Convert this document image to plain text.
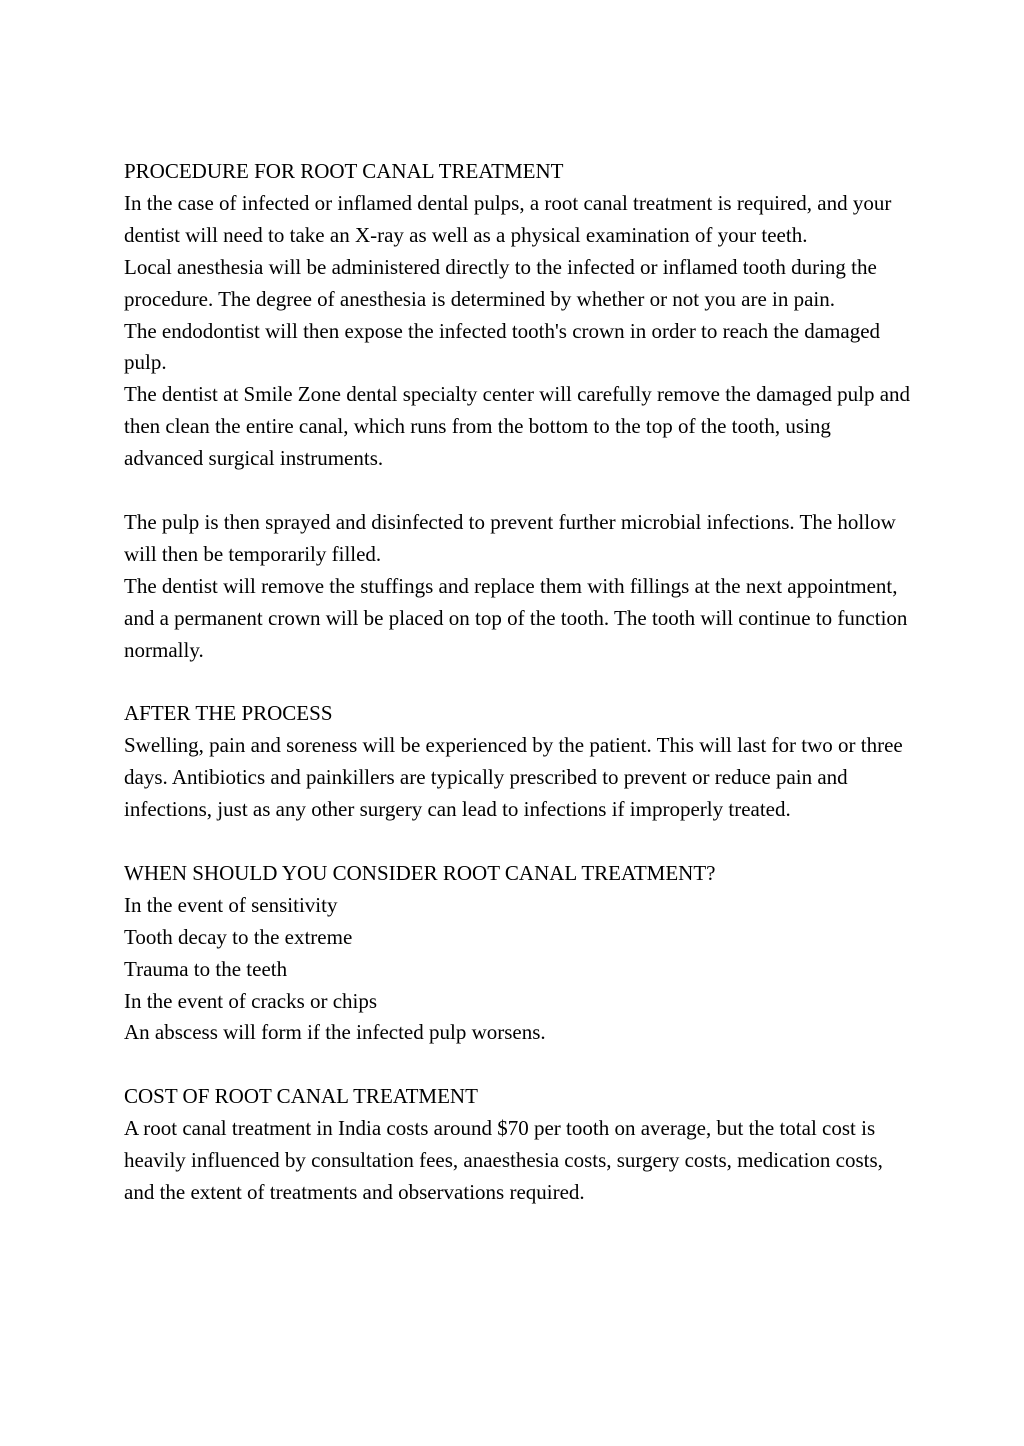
PROCEDURE FOR ROOT CANAL TREATMENT

In the case of infected or inflamed dental pulps, a root canal treatment is required, and your dentist will need to take an X-ray as well as a physical examination of your teeth.

Local anesthesia will be administered directly to the infected or inflamed tooth during the procedure. The degree of anesthesia is determined by whether or not you are in pain.

The endodontist will then expose the infected tooth's crown in order to reach the damaged pulp.

The dentist at Smile Zone dental specialty center will carefully remove the damaged pulp and then clean the entire canal, which runs from the bottom to the top of the tooth, using advanced surgical instruments.

The pulp is then sprayed and disinfected to prevent further microbial infections. The hollow will then be temporarily filled.

The dentist will remove the stuffings and replace them with fillings at the next appointment, and a permanent crown will be placed on top of the tooth. The tooth will continue to function normally.

AFTER THE PROCESS

Swelling, pain and soreness will be experienced by the patient. This will last for two or three days. Antibiotics and painkillers are typically prescribed to prevent or reduce pain and infections, just as any other surgery can lead to infections if improperly treated.

WHEN SHOULD YOU CONSIDER ROOT CANAL TREATMENT?

In the event of sensitivity

Tooth decay to the extreme

Trauma to the teeth

In the event of cracks or chips

An abscess will form if the infected pulp worsens.

COST OF ROOT CANAL TREATMENT

A root canal treatment in India costs around $70 per tooth on average, but the total cost is heavily influenced by consultation fees, anaesthesia costs, surgery costs, medication costs, and the extent of treatments and observations required.
